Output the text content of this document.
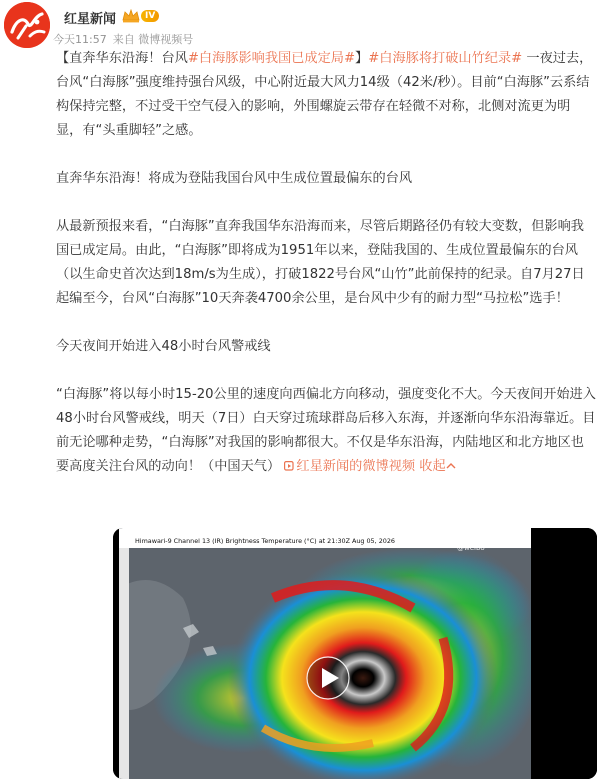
红星新闻	IV
今天11:57 来自 微博视频号

【直奔华东沿海！台风#白海豚影响我国已成定局#】#白海豚将打破山竹纪录# 一夜过去，台风“白海豚”强度维持强台风级，中心附近最大风力14级（42米/秒）。目前“白海豚”云系结构保持完整，不过受干空气侵入的影响，外围螺旋云带存在轻微不对称，北侧对流更为明显，有“头重脚轻”之感。

直奔华东沿海！将成为登陆我国台风中生成位置最偏东的台风

从最新预报来看，“白海豚”直奔我国华东沿海而来，尽管后期路径仍有较大变数，但影响我国已成定局。由此，“白海豚”即将成为1951年以来，登陆我国的、生成位置最偏东的台风（以生命史首次达到18m/s为生成），打破1822号台风“山竹”此前保持的纪录。自7月27日起编至今，台风“白海豚”10天奔袭4700余公里，是台风中少有的耐力型“马拉松”选手！

今天夜间开始进入48小时台风警戒线

“白海豚”将以每小时15-20公里的速度向西偏北方向移动，强度变化不大。今天夜间开始进入48小时台风警戒线，明天（7日）白天穿过琉球群岛后移入东海，并逐渐向华东沿海靠近。目前无论哪种走势，“白海豚”对我国的影响都很大。不仅是华东沿海，内陆地区和北方地区也要高度关注台风的动向！（中国天气） 红星新闻的微博视频 收起

Himawari-9 Channel 13 (IR) Brightness Temperature (°C) at 21:30Z Aug 05, 2026
@weibo
